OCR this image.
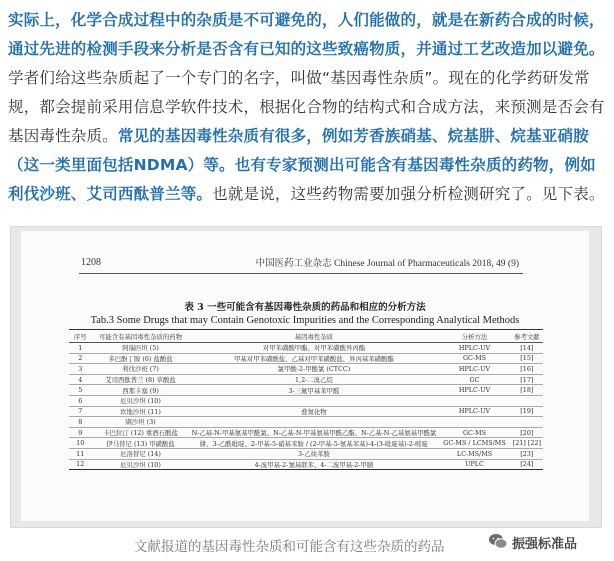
实际上，化学合成过程中的杂质是不可避免的，人们能做的，就是在新药合成的时候，通过先进的检测手段来分析是否含有已知的这些致癌物质，并通过工艺改造加以避免。学者们给这些杂质起了一个专门的名字，叫做“基因毒性杂质”。现在的化学药研发常规，都会提前采用信息学软件技术，根据化合物的结构式和合成方法，来预测是否会有基因毒性杂质。常见的基因毒性杂质有很多，例如芳香族硝基、烷基肼、烷基亚硝胺（这一类里面包括NDMA）等。也有专家预测出可能含有基因毒性杂质的药物，例如利伐沙班、艾司西酞普兰等。也就是说，这些药物需要加强分析检测研究了。见下表。
1208	中国医药工业杂志 Chinese Journal of Pharmaceuticals 2018, 49 (9)
表 3 一些可能含有基因毒性杂质的药品和相应的分析方法
Tab.3 Some Drugs that may Contain Genotoxic Impurities and the Corresponding Analytical Methods
序号	可能含有基因毒性杂质的药物	基因毒性杂质	分析方法	参考文献
1	阿瑞匹坦 (5)	对甲苯磺酸甲酯、对甲苯磺酸异丙酯	HPLC-UV	[14]
2	多巴酚丁胺 (6) 盐酸盐	甲基对甲苯磺酸盐、乙基对甲苯磺酸盐、异丙基苯磺酸酯	GC-MS	[15]
3	利伐沙班 (7)	氯甲酸-2-甲酸氯 (CTCC)	HPLC-UV	[16]
4	艾司西酞普兰 (8) 草酸盐	1,2-二溴乙烷	GC	[17]
5	西那卡塞 (9)	3-三氟甲基苯甲醛	HPLC-UV	[18]
6	厄贝沙坦 (10)			
7	坎地沙坦 (11)	叠氮化物	HPLC-UV	[19]
8	缬沙坦 (3)			
9	卡巴拉汀 (12) 重酒石酸盐	N-乙基-N-甲基氨基甲酰氯、N-乙基-N-甲基氨基甲酰乙酯、N-乙基-N-乙基氨基甲酰氯	GC-MS	[20]
10	伊马替尼 (13) 甲磺酸盐	肼、3-乙酰吡啶、2-甲基-5-硝基苯胺 / (2-甲基-5-氨基苯基)-4-(3-吡啶基)-2-嘧啶	GC-MS / LCMS/MS	[21] [22]
11	厄洛替尼 (14)	3-乙炔苯胺	LC-MS/MS	[23]
12	厄贝沙坦 (10)	4-溴甲基-2-氰基联苯、4-二溴甲基-2-甲腈	UPLC	[24]
文献报道的基因毒性杂质和可能含有这些杂质的药品	振强标准品
